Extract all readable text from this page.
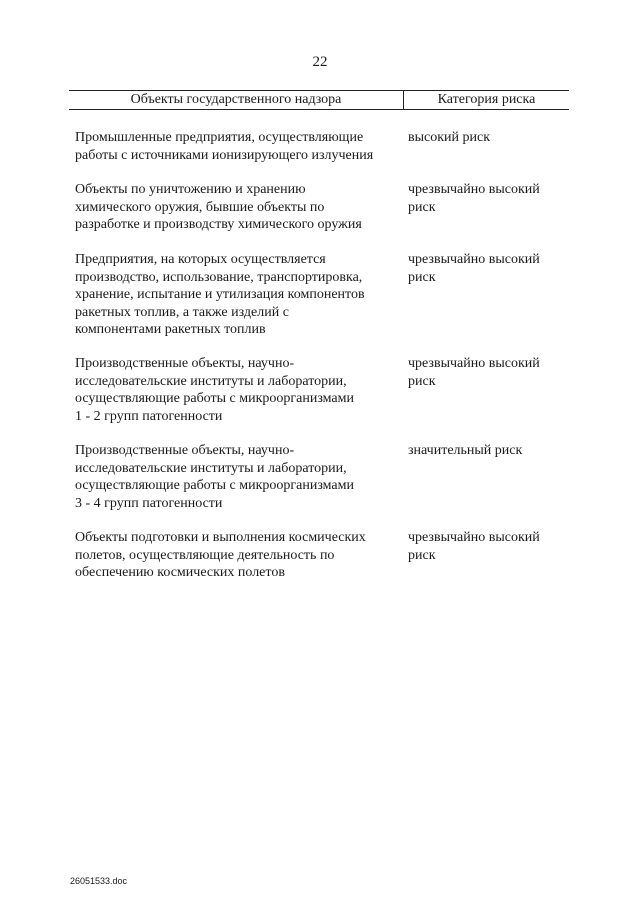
22
Объекты государственного надзора	Категория риска
Промышленные предприятия, осуществляющие
работы с источниками ионизирующего излучения
высокий риск
Объекты по уничтожению и хранению
химического оружия, бывшие объекты по
разработке и производству химического оружия
чрезвычайно высокий
риск
Предприятия, на которых осуществляется
производство, использование, транспортировка,
хранение, испытание и утилизация компонентов
ракетных топлив, а также изделий с
компонентами ракетных топлив
чрезвычайно высокий
риск
Производственные объекты, научно-
исследовательские институты и лаборатории,
осуществляющие работы с микроорганизмами
1 - 2 групп патогенности
чрезвычайно высокий
риск
Производственные объекты, научно-
исследовательские институты и лаборатории,
осуществляющие работы с микроорганизмами
3 - 4 групп патогенности
значительный риск
Объекты подготовки и выполнения космических
полетов, осуществляющие деятельность по
обеспечению космических полетов
чрезвычайно высокий
риск
26051533.doc
